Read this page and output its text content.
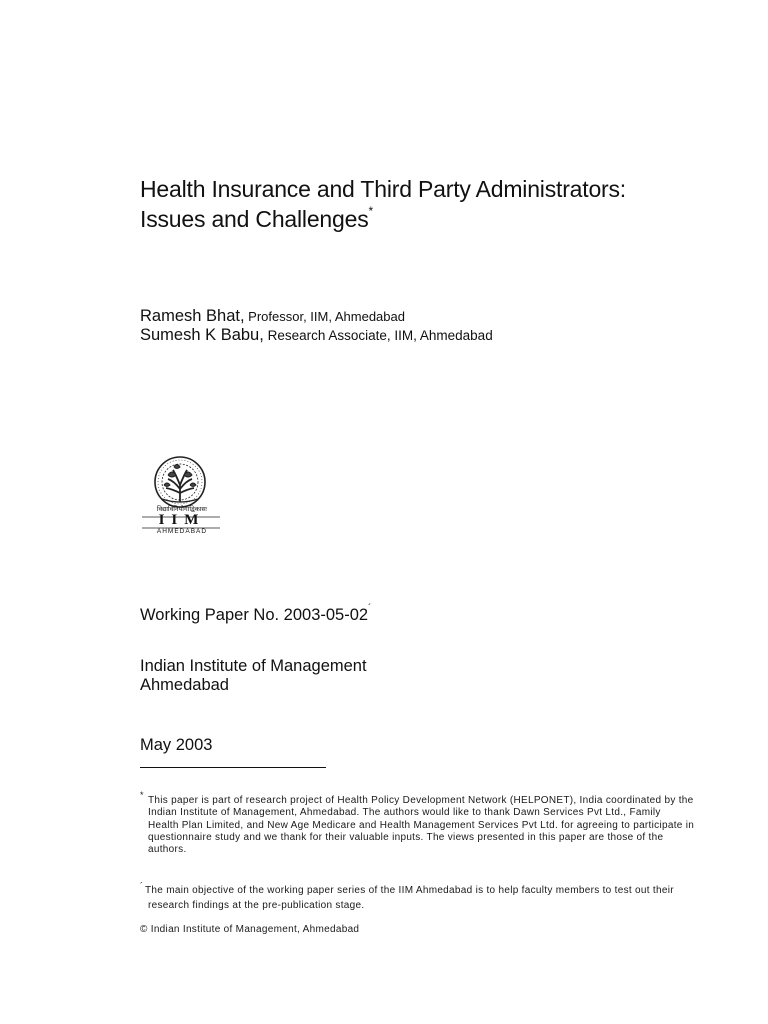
Health Insurance and Third Party Administrators:
Issues and Challenges*
Ramesh Bhat, Professor, IIM, Ahmedabad
Sumesh K Babu, Research Associate, IIM, Ahmedabad
विद्याविनियोगाद्विकासः
IIM
AHMEDABAD
Working Paper No. 2003-05-02´
Indian Institute of Management
Ahmedabad
May 2003
* This paper is part of research project of Health Policy Development Network (HELPONET), India coordinated by the
Indian Institute of Management, Ahmedabad. The authors would like to thank Dawn Services Pvt Ltd., Family
Health Plan Limited, and New Age Medicare and Health Management Services Pvt Ltd. for agreeing to participate in
questionnaire study and we thank for their valuable inputs. The views presented in this paper are those of the
authors.
´ The main objective of the working paper series of the IIM Ahmedabad is to help faculty members to test out their
research findings at the pre-publication stage.
© Indian Institute of Management, Ahmedabad
